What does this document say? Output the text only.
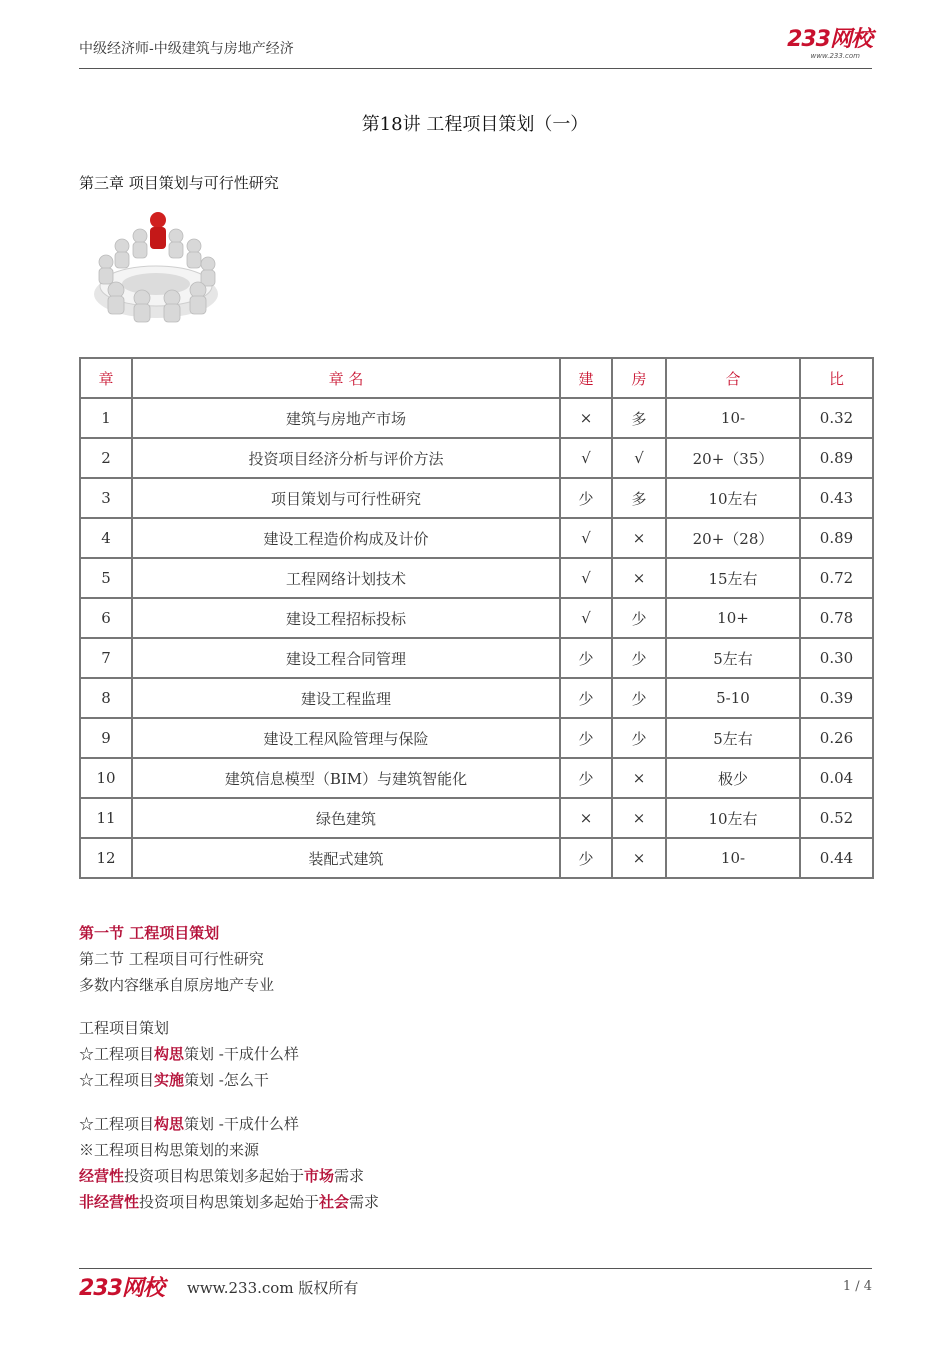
中级经济师-中级建筑与房地产经济	233网校
www.233.com
第18讲 工程项目策划（一）
第三章 项目策划与可行性研究
章	章 名	建	房	合	比
1	建筑与房地产市场	×	多	10-	0.32
2	投资项目经济分析与评价方法	√	√	20+（35）	0.89
3	项目策划与可行性研究	少	多	10左右	0.43
4	建设工程造价构成及计价	√	×	20+（28）	0.89
5	工程网络计划技术	√	×	15左右	0.72
6	建设工程招标投标	√	少	10+	0.78
7	建设工程合同管理	少	少	5左右	0.30
8	建设工程监理	少	少	5-10	0.39
9	建设工程风险管理与保险	少	少	5左右	0.26
10	建筑信息模型（BIM）与建筑智能化	少	×	极少	0.04
11	绿色建筑	×	×	10左右	0.52
12	装配式建筑	少	×	10-	0.44
第一节 工程项目策划
第二节 工程项目可行性研究
多数内容继承自原房地产专业
工程项目策划
☆工程项目构思策划 -干成什么样
☆工程项目实施策划 -怎么干
☆工程项目构思策划 -干成什么样
※工程项目构思策划的来源
经营性投资项目构思策划多起始于市场需求
非经营性投资项目构思策划多起始于社会需求
233网校 www.233.com 版权所有	1 / 4
